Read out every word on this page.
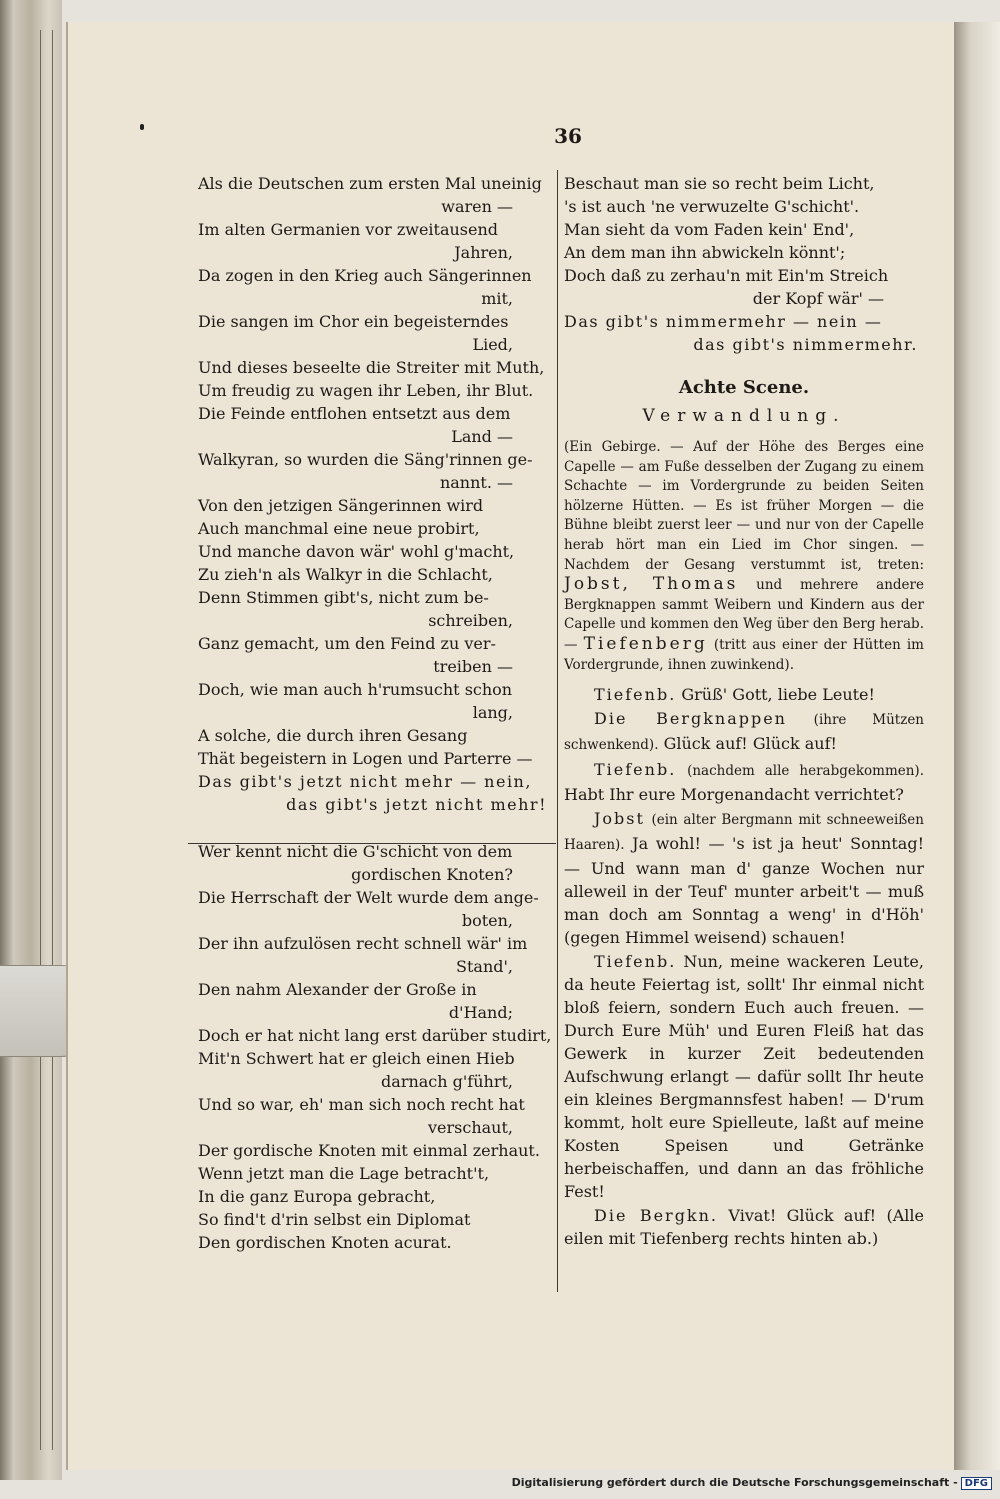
36
Als die Deutschen zum ersten Mal uneinig
waren —
Im alten Germanien vor zweitausend
Jahren,
Da zogen in den Krieg auch Sängerinnen
mit,
Die sangen im Chor ein begeisterndes
Lied,
Und dieses beseelte die Streiter mit Muth,
Um freudig zu wagen ihr Leben, ihr Blut.
Die Feinde entflohen entsetzt aus dem
Land —
Walkyran, so wurden die Säng'rinnen ge-
nannt. —
Von den jetzigen Sängerinnen wird
Auch manchmal eine neue probirt,
Und manche davon wär' wohl g'macht,
Zu zieh'n als Walkyr in die Schlacht,
Denn Stimmen gibt's, nicht zum be-
schreiben,
Ganz gemacht, um den Feind zu ver-
treiben —
Doch, wie man auch h'rumsucht schon
lang,
A solche, die durch ihren Gesang
Thät begeistern in Logen und Parterre —
Das gibt's jetzt nicht mehr — nein,
das gibt's jetzt nicht mehr!
Wer kennt nicht die G'schicht von dem
gordischen Knoten?
Die Herrschaft der Welt wurde dem ange-
boten,
Der ihn aufzulösen recht schnell wär' im
Stand',
Den nahm Alexander der Große in
d'Hand;
Doch er hat nicht lang erst darüber studirt,
Mit'n Schwert hat er gleich einen Hieb
darnach g'führt,
Und so war, eh' man sich noch recht hat
verschaut,
Der gordische Knoten mit einmal zerhaut.
Wenn jetzt man die Lage betracht't,
In die ganz Europa gebracht,
So find't d'rin selbst ein Diplomat
Den gordischen Knoten acurat.
Beschaut man sie so recht beim Licht,
's ist auch 'ne verwuzelte G'schicht'.
Man sieht da vom Faden kein' End',
An dem man ihn abwickeln könnt';
Doch daß zu zerhau'n mit Ein'm Streich
der Kopf wär' —
Das gibt's nimmermehr — nein —
das gibt's nimmermehr.
Achte Scene.
Verwandlung.
(Ein Gebirge. — Auf der Höhe des Berges eine Capelle — am Fuße desselben der Zugang zu einem Schachte — im Vordergrunde zu beiden Seiten hölzerne Hütten. — Es ist früher Morgen — die Bühne bleibt zuerst leer — und nur von der Capelle herab hört man ein Lied im Chor singen. — Nachdem der Gesang verstummt ist, treten: Jobst, Thomas und mehrere andere Bergknappen sammt Weibern und Kindern aus der Capelle und kommen den Weg über den Berg herab. — Tiefenberg (tritt aus einer der Hütten im Vordergrunde, ihnen zuwinkend).
Tiefenb. Grüß' Gott, liebe Leute!
Die Bergknappen (ihre Mützen schwenkend). Glück auf! Glück auf!
Tiefenb. (nachdem alle herabgekommen). Habt Ihr eure Morgenandacht verrichtet?
Jobst (ein alter Bergmann mit schneeweißen Haaren). Ja wohl! — 's ist ja heut' Sonntag! — Und wann man d' ganze Wochen nur alleweil in der Teuf' munter arbeit't — muß man doch am Sonntag a weng' in d'Höh' (gegen Himmel weisend) schauen!
Tiefenb. Nun, meine wackeren Leute, da heute Feiertag ist, sollt' Ihr einmal nicht bloß feiern, sondern Euch auch freuen. — Durch Eure Müh' und Euren Fleiß hat das Gewerk in kurzer Zeit bedeutenden Aufschwung erlangt — dafür sollt Ihr heute ein kleines Bergmannsfest haben! — D'rum kommt, holt eure Spielleute, laßt auf meine Kosten Speisen und Getränke herbeischaffen, und dann an das fröhliche Fest!
Die Bergkn. Vivat! Glück auf! (Alle eilen mit Tiefenberg rechts hinten ab.)
Digitalisierung gefördert durch die Deutsche Forschungsgemeinschaft - DFG
